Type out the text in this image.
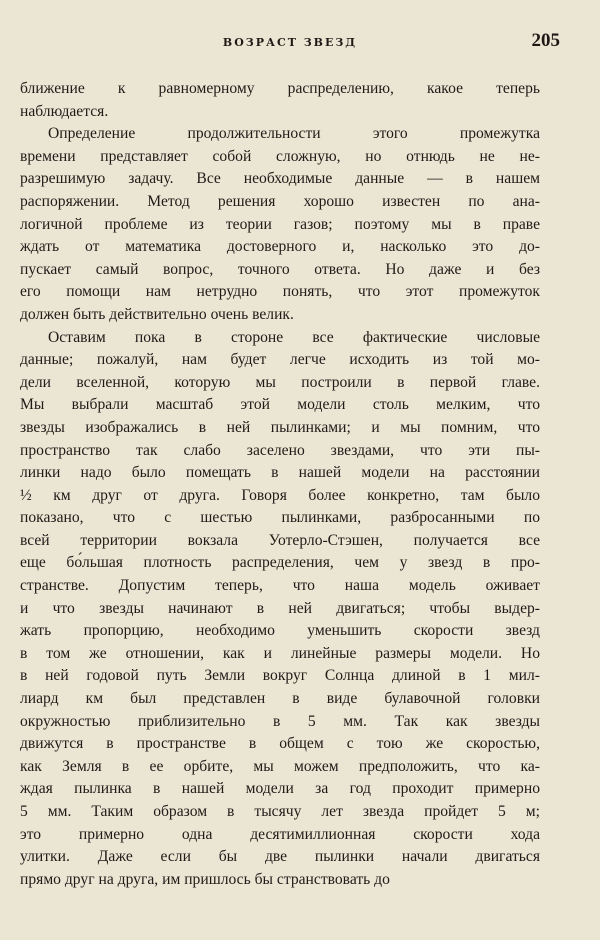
ВОЗРАСТ ЗВЕЗД	205
ближение к равномерному распределению, какое теперь
наблюдается.
Определение продолжительности этого промежутка
времени представляет собой сложную, но отнюдь не не-
разрешимую задачу. Все необходимые данные — в нашем
распоряжении. Метод решения хорошо известен по ана-
логичной проблеме из теории газов; поэтому мы в праве
ждать от математика достоверного и, насколько это до-
пускает самый вопрос, точного ответа. Но даже и без
его помощи нам нетрудно понять, что этот промежуток
должен быть действительно очень велик.
Оставим пока в стороне все фактические числовые
данные; пожалуй, нам будет легче исходить из той мо-
дели вселенной, которую мы построили в первой главе.
Мы выбрали масштаб этой модели столь мелким, что
звезды изображались в ней пылинками; и мы помним, что
пространство так слабо заселено звездами, что эти пы-
линки надо было помещать в нашей модели на расстоянии
½ км друг от друга. Говоря более конкретно, там было
показано, что с шестью пылинками, разбросанными по
всей территории вокзала Уотерло-Стэшен, получается все
еще бо́льшая плотность распределения, чем у звезд в про-
странстве. Допустим теперь, что наша модель оживает
и что звезды начинают в ней двигаться; чтобы выдер-
жать пропорцию, необходимо уменьшить скорости звезд
в том же отношении, как и линейные размеры модели. Но
в ней годовой путь Земли вокруг Солнца длиной в 1 мил-
лиард км был представлен в виде булавочной головки
окружностью приблизительно в 5 мм. Так как звезды
движутся в пространстве в общем с тою же скоростью,
как Земля в ее орбите, мы можем предположить, что ка-
ждая пылинка в нашей модели за год проходит примерно
5 мм. Таким образом в тысячу лет звезда пройдет 5 м;
это примерно одна десятимиллионная скорости хода
улитки. Даже если бы две пылинки начали двигаться
прямо друг на друга, им пришлось бы странствовать до
